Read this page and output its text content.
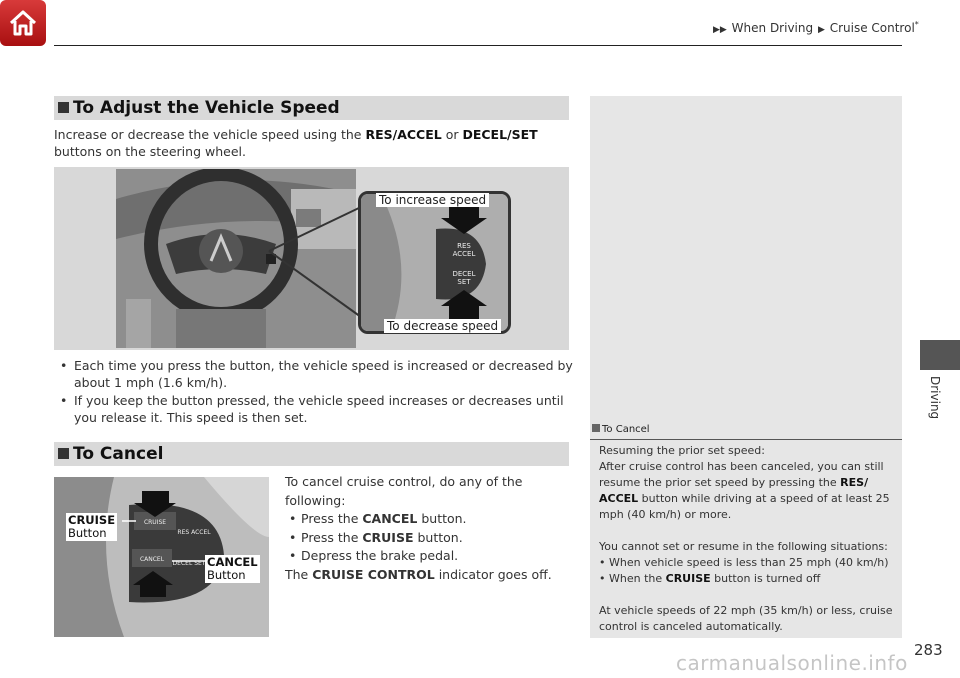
▶▶ When Driving ▶ Cruise Control*
Driving
To Adjust the Vehicle Speed
Increase or decrease the vehicle speed using the RES/ACCEL or DECEL/SET buttons on the steering wheel.
RES
ACCEL
DECEL
SET
To increase speed
To decrease speed
• Each time you press the button, the vehicle speed is increased or decreased by about 1 mph (1.6 km/h).
• If you keep the button pressed, the vehicle speed increases or decreases until you release it. This speed is then set.
To Cancel
CRUISE
CANCEL
RES ACCEL
DECEL SET
CRUISE
Button
CANCEL
Button
To cancel cruise control, do any of the following:
• Press the CANCEL button.
• Press the CRUISE button.
• Depress the brake pedal.
The CRUISE CONTROL indicator goes off.
To Cancel
Resuming the prior set speed:
After cruise control has been canceled, you can still resume the prior set speed by pressing the RES/ ACCEL button while driving at a speed of at least 25 mph (40 km/h) or more.
You cannot set or resume in the following situations:
• When vehicle speed is less than 25 mph (40 km/h)
• When the CRUISE button is turned off
At vehicle speeds of 22 mph (35 km/h) or less, cruise control is canceled automatically.
283
carmanualsonline.info
